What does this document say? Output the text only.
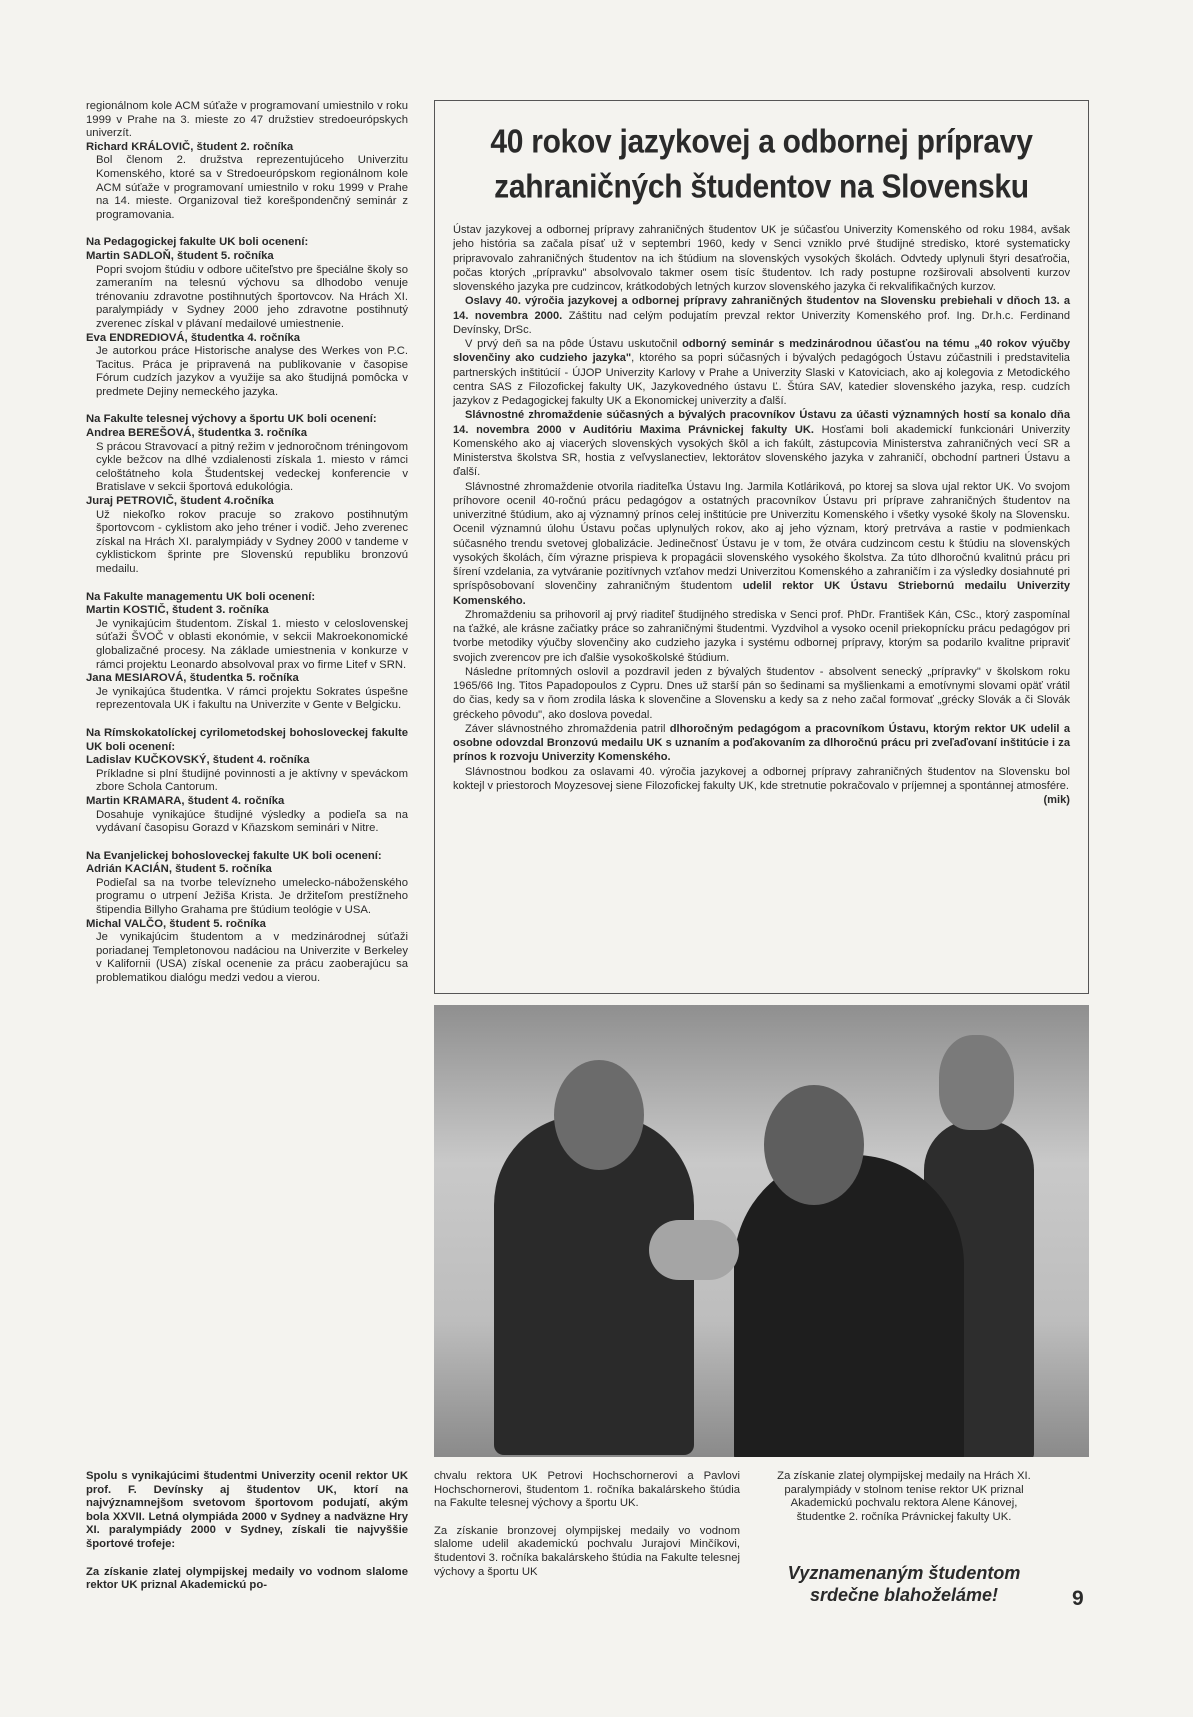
regionálnom kole ACM súťaže v programovaní umiestnilo v roku 1999 v Prahe na 3. mieste zo 47 družstiev stredoeurópskych univerzít.

Richard KRÁLOVIČ, študent 2. ročníka

Bol členom 2. družstva reprezentujúceho Univerzitu Komenského, ktoré sa v Stredoeurópskom regionálnom kole ACM súťaže v programovaní umiestnilo v roku 1999 v Prahe na 14. mieste. Organizoval tiež korešpondenčný seminár z programovania.

Na Pedagogickej fakulte UK boli ocenení:

Martin SADLOŇ, študent 5. ročníka

Popri svojom štúdiu v odbore učiteľstvo pre špeciálne školy so zameraním na telesnú výchovu sa dlhodobo venuje trénovaniu zdravotne postihnutých športovcov. Na Hrách XI. paralympiády v Sydney 2000 jeho zdravotne postihnutý zverenec získal v plávaní medailové umiestnenie.

Eva ENDREDIOVÁ, študentka 4. ročníka

Je autorkou práce Historische analyse des Werkes von P.C. Tacitus. Práca je pripravená na publikovanie v časopise Fórum cudzích jazykov a využije sa ako študijná pomôcka v predmete Dejiny nemeckého jazyka.

Na Fakulte telesnej výchovy a športu UK boli ocenení:

Andrea BEREŠOVÁ, študentka 3. ročníka

S prácou Stravovací a pitný režim v jednoročnom tréningovom cykle bežcov na dlhé vzdialenosti získala 1. miesto v rámci celoštátneho kola Študentskej vedeckej konferencie v Bratislave v sekcii športová edukológia.

Juraj PETROVIČ, študent 4.ročníka

Už niekoľko rokov pracuje so zrakovo postihnutým športovcom - cyklistom ako jeho tréner i vodič. Jeho zverenec získal na Hrách XI. paralympiády v Sydney 2000 v tandeme v cyklistickom šprinte pre Slovenskú republiku bronzovú medailu.

Na Fakulte managementu UK boli ocenení:

Martin KOSTIČ, študent 3. ročníka

Je vynikajúcim študentom. Získal 1. miesto v celoslovenskej súťaži ŠVOČ v oblasti ekonómie, v sekcii Makroekonomické globalizačné procesy. Na základe umiestnenia v konkurze v rámci projektu Leonardo absolvoval prax vo firme Litef v SRN.

Jana MESIAROVÁ, študentka 5. ročníka

Je vynikajúca študentka. V rámci projektu Sokrates úspešne reprezentovala UK i fakultu na Univerzite v Gente v Belgicku.

Na Rímskokatolíckej cyrilometodskej bohosloveckej fakulte UK boli ocenení:

Ladislav KUČKOVSKÝ, študent 4. ročníka

Príkladne si plní študijné povinnosti a je aktívny v speváckom zbore Schola Cantorum.

Martin KRAMARA, študent 4. ročníka

Dosahuje vynikajúce študijné výsledky a podieľa sa na vydávaní časopisu Gorazd v Kňazskom seminári v Nitre.

Na Evanjelickej bohosloveckej fakulte UK boli ocenení:

Adrián KACIÁN, študent 5. ročníka

Podieľal sa na tvorbe televízneho umelecko-náboženského programu o utrpení Ježiša Krista. Je držiteľom prestížneho štipendia Billyho Grahama pre štúdium teológie v USA.

Michal VALČO, študent 5. ročníka

Je vynikajúcim študentom a v medzinárodnej súťaži poriadanej Templetonovou nadáciou na Univerzite v Berkeley v Kalifornii (USA) získal ocenenie za prácu zaoberajúcu sa problematikou dialógu medzi vedou a vierou.

40 rokov jazykovej a odbornej prípravy
zahraničných študentov na Slovensku

Ústav jazykovej a odbornej prípravy zahraničných študentov UK je súčasťou Univerzity Komenského od roku 1984, avšak jeho história sa začala písať už v septembri 1960, kedy v Senci vzniklo prvé študijné stredisko, ktoré systematicky pripravovalo zahraničných študentov na ich štúdium na slovenských vysokých školách. Odvtedy uplynuli štyri desaťročia, počas ktorých „prípravku" absolvovalo takmer osem tisíc študentov. Ich rady postupne rozširovali absolventi kurzov slovenského jazyka pre cudzincov, krátkodobých letných kurzov slovenského jazyka či rekvalifikačných kurzov.

Oslavy 40. výročia jazykovej a odbornej prípravy zahraničných študentov na Slovensku prebiehali v dňoch 13. a 14. novembra 2000. Záštitu nad celým podujatím prevzal rektor Univerzity Komenského prof. Ing. Dr.h.c. Ferdinand Devínsky, DrSc.

V prvý deň sa na pôde Ústavu uskutočnil odborný seminár s medzinárodnou účasťou na tému „40 rokov výučby slovenčiny ako cudzieho jazyka", ktorého sa popri súčasných i bývalých pedagógoch Ústavu zúčastnili i predstavitelia partnerských inštitúcií - ÚJOP Univerzity Karlovy v Prahe a Univerzity Slaski v Katoviciach, ako aj kolegovia z Metodického centra SAS z Filozofickej fakulty UK, Jazykovedného ústavu Ľ. Štúra SAV, katedier slovenského jazyka, resp. cudzích jazykov z Pedagogickej fakulty UK a Ekonomickej univerzity a ďalší.

Slávnostné zhromaždenie súčasných a bývalých pracovníkov Ústavu za účasti významných hostí sa konalo dňa 14. novembra 2000 v Auditóriu Maxima Právnickej fakulty UK. Hosťami boli akademickí funkcionári Univerzity Komenského ako aj viacerých slovenských vysokých škôl a ich fakúlt, zástupcovia Ministerstva zahraničných vecí SR a Ministerstva školstva SR, hostia z veľvyslanectiev, lektorátov slovenského jazyka v zahraničí, obchodní partneri Ústavu a ďalší.

Slávnostné zhromaždenie otvorila riaditeľka Ústavu Ing. Jarmila Kotláriková, po ktorej sa slova ujal rektor UK. Vo svojom príhovore ocenil 40-ročnú prácu pedagógov a ostatných pracovníkov Ústavu pri príprave zahraničných študentov na univerzitné štúdium, ako aj významný prínos celej inštitúcie pre Univerzitu Komenského i všetky vysoké školy na Slovensku. Ocenil významnú úlohu Ústavu počas uplynulých rokov, ako aj jeho význam, ktorý pretrváva a rastie v podmienkach súčasného trendu svetovej globalizácie. Jedinečnosť Ústavu je v tom, že otvára cudzincom cestu k štúdiu na slovenských vysokých školách, čím výrazne prispieva k propagácii slovenského vysokého školstva. Za túto dlhoročnú kvalitnú prácu pri šírení vzdelania, za vytváranie pozitívnych vzťahov medzi Univerzitou Komenského a zahraničím i za výsledky dosiahnuté pri spríspôsobovaní slovenčiny zahraničným študentom udelil rektor UK Ústavu Striebornú medailu Univerzity Komenského.

Zhromaždeniu sa prihovoril aj prvý riaditeľ študijného strediska v Senci prof. PhDr. František Kán, CSc., ktorý zaspomínal na ťažké, ale krásne začiatky práce so zahraničnými študentmi. Vyzdvihol a vysoko ocenil priekopnícku prácu pedagógov pri tvorbe metodiky výučby slovenčiny ako cudzieho jazyka i systému odbornej prípravy, ktorým sa podarilo kvalitne pripraviť svojich zverencov pre ich ďalšie vysokoškolské štúdium.

Následne prítomných oslovil a pozdravil jeden z bývalých študentov - absolvent senecký „prípravky" v školskom roku 1965/66 Ing. Titos Papadopoulos z Cypru. Dnes už starší pán so šedinami sa myšlienkami a emotívnymi slovami opäť vrátil do čias, kedy sa v ňom zrodila láska k slovenčine a Slovensku a kedy sa z neho začal formovať „grécky Slovák a či Slovák gréckeho pôvodu", ako doslova povedal.

Záver slávnostného zhromaždenia patril dlhoročným pedagógom a pracovníkom Ústavu, ktorým rektor UK udelil a osobne odovzdal Bronzovú medailu UK s uznaním a poďakovaním za dlhoročnú prácu pri zveľaďovaní inštitúcie i za prínos k rozvoju Univerzity Komenského.

Slávnostnou bodkou za oslavami 40. výročia jazykovej a odbornej prípravy zahraničných študentov na Slovensku bol koktejl v priestoroch Moyzesovej siene Filozofickej fakulty UK, kde stretnutie pokračovalo v príjemnej a spontánnej atmosfére.
(mik)

Spolu s vynikajúcimi študentmi Univerzity ocenil rektor UK prof. F. Devínsky aj študentov UK, ktorí na najvýznamnejšom svetovom športovom podujatí, akým bola XXVII. Letná olympiáda 2000 v Sydney a nadväzne Hry XI. paralympiády 2000 v Sydney, získali tie najvyššie športové trofeje:

Za získanie zlatej olympijskej medaily vo vodnom slalome rektor UK priznal Akademickú po-

chvalu rektora UK Petrovi Hochschornerovi a Pavlovi Hochschornerovi, študentom 1. ročníka bakalárskeho štúdia na Fakulte telesnej výchovy a športu UK.

Za získanie bronzovej olympijskej medaily vo vodnom slalome udelil akademickú pochvalu Jurajovi Minčíkovi, študentovi 3. ročníka bakalárskeho štúdia na Fakulte telesnej výchovy a športu UK

Za získanie zlatej olympijskej medaily na Hrách XI. paralympiády v stolnom tenise rektor UK priznal Akademickú pochvalu rektora Alene Kánovej, študentke 2. ročníka Právnickej fakulty UK.

Vyznamenaným študentom
srdečne blahoželáme!	9
